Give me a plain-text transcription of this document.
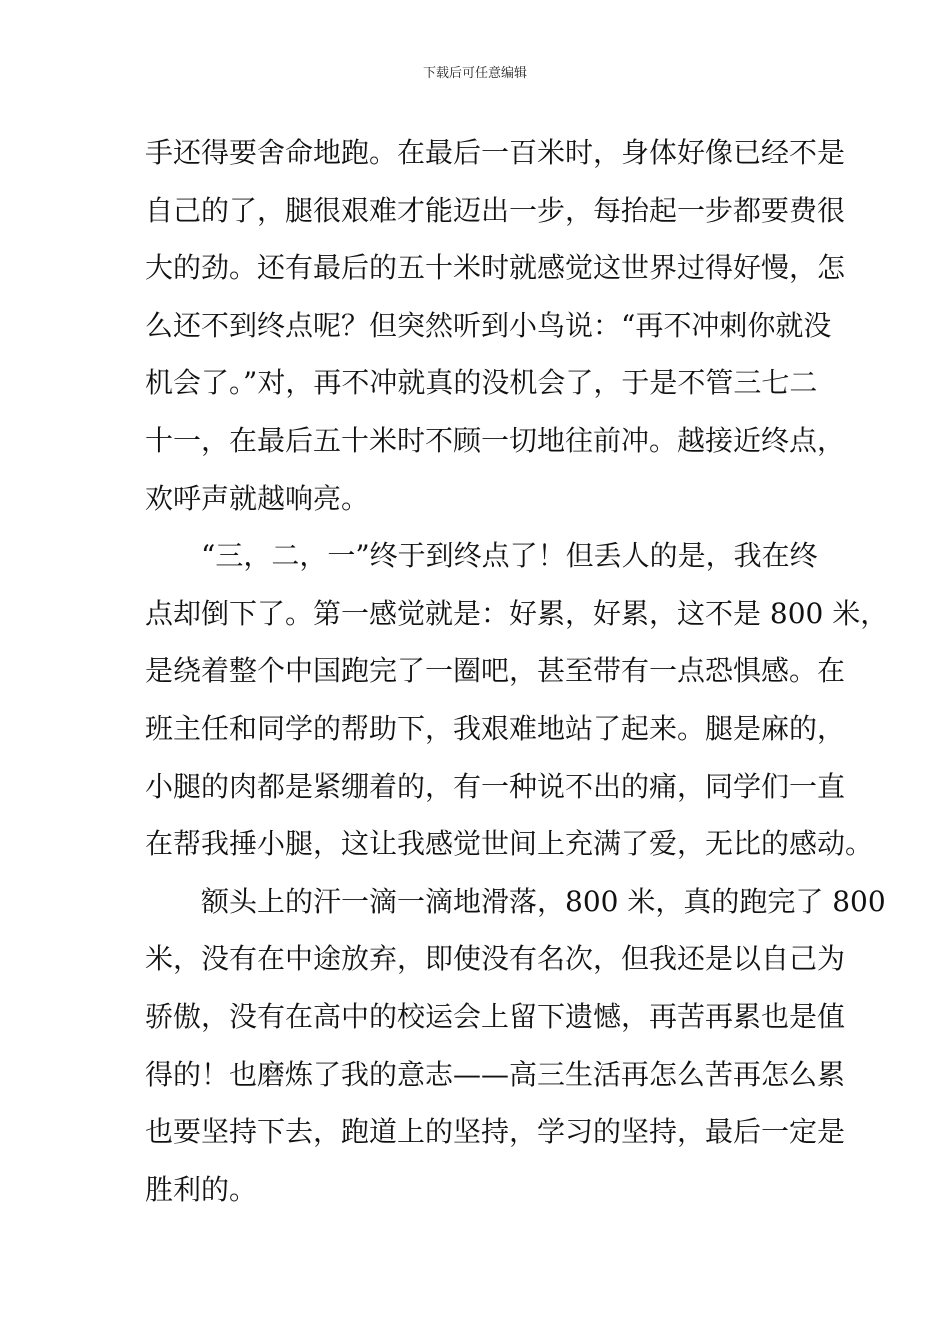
下载后可任意编辑
手还得要舍命地跑。在最后一百米时，身体好像已经不是
自己的了，腿很艰难才能迈出一步，每抬起一步都要费很
大的劲。还有最后的五十米时就感觉这世界过得好慢，怎
么还不到终点呢？但突然听到小鸟说：“再不冲刺你就没
机会了。”对，再不冲就真的没机会了，于是不管三七二
十一，在最后五十米时不顾一切地往前冲。越接近终点，
欢呼声就越响亮。
“三，二，一”终于到终点了！但丢人的是，我在终
点却倒下了。第一感觉就是：好累，好累，这不是 800 米，
是绕着整个中国跑完了一圈吧，甚至带有一点恐惧感。在
班主任和同学的帮助下，我艰难地站了起来。腿是麻的，
小腿的肉都是紧绷着的，有一种说不出的痛，同学们一直
在帮我捶小腿，这让我感觉世间上充满了爱，无比的感动。
额头上的汗一滴一滴地滑落，800 米，真的跑完了 800
米，没有在中途放弃，即使没有名次，但我还是以自己为
骄傲，没有在高中的校运会上留下遗憾，再苦再累也是值
得的！也磨炼了我的意志——高三生活再怎么苦再怎么累
也要坚持下去，跑道上的坚持，学习的坚持，最后一定是
胜利的。
